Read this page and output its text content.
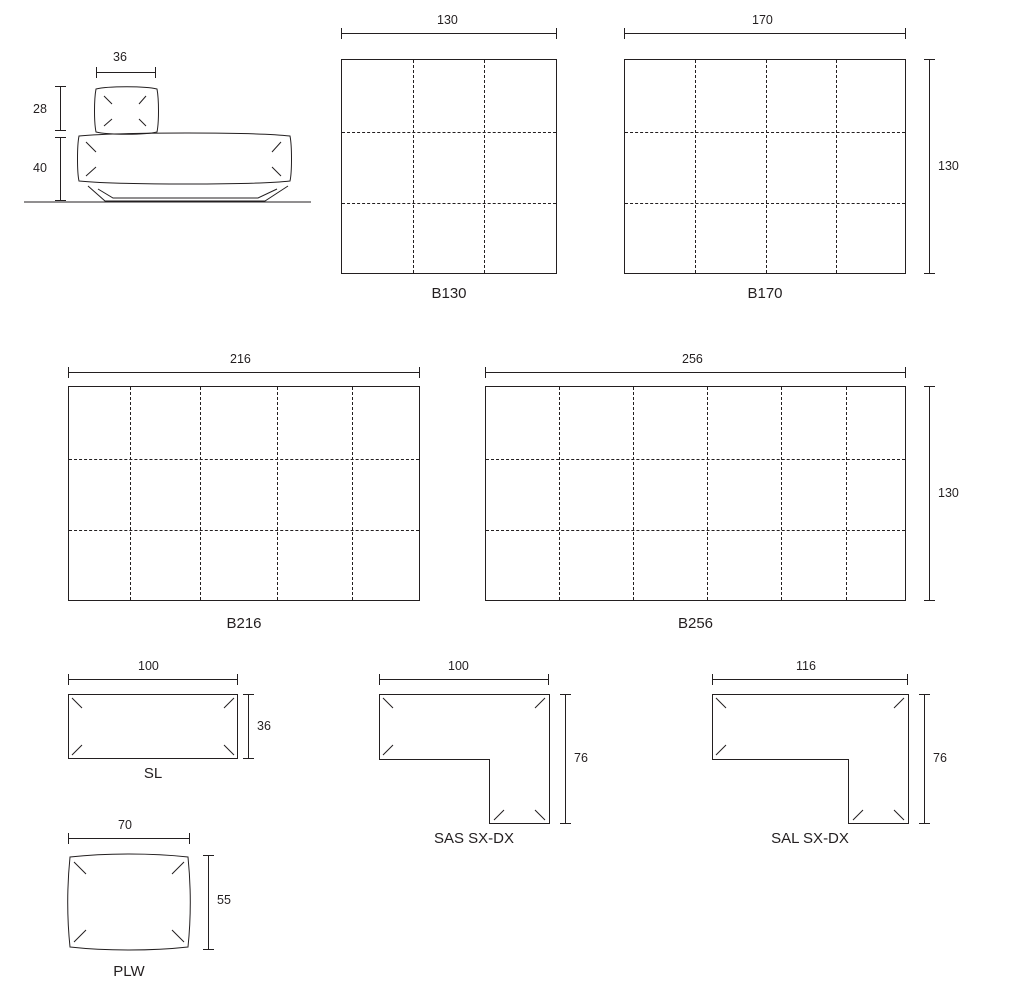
36
28
40
130
B130
170
130
B170
216
B216
256
130
B256
100
36
SL
100
76
SAS SX-DX
116
76
SAL SX-DX
70
55
PLW
